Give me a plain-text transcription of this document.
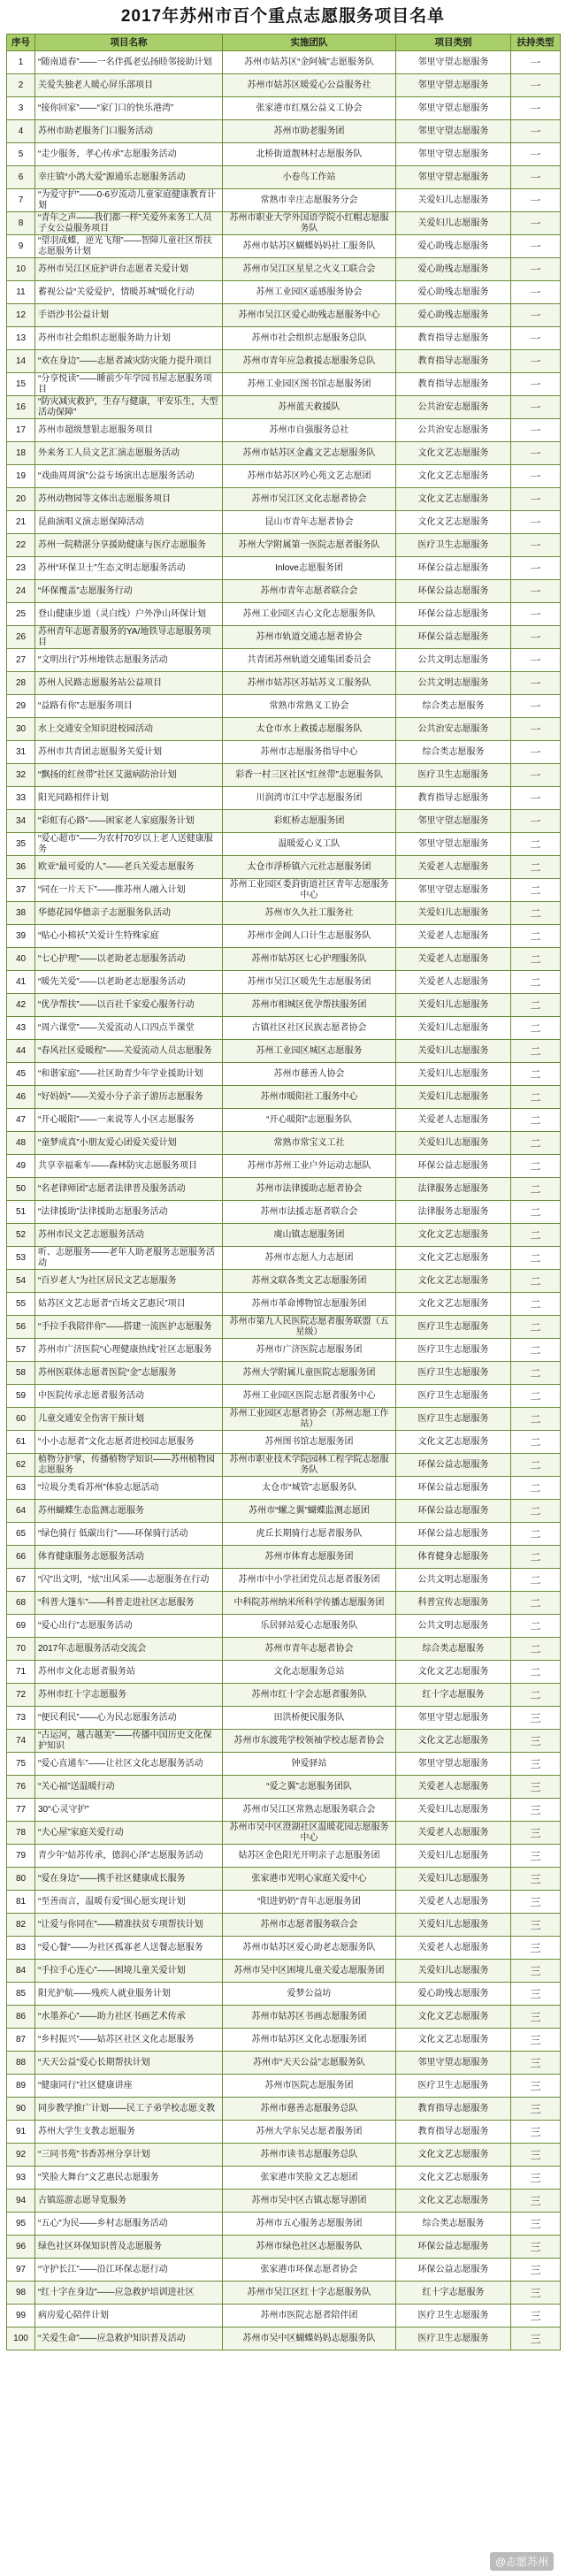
2017年苏州市百个重点志愿服务项目名单
序号	项目名称	实施团队	项目类别	扶持类型
1	“随南道春”——一名伴孤老弘扬睦邻接助计划	苏州市姑苏区“金阿姨”志愿服务队	邻里守望志愿服务	一
2	关爱失独老人暖心屏乐部项目	苏州市姑苏区暖爱心公益服务社	邻里守望志愿服务	一
3	“接你回家”——“家门口的快乐港湾”	张家港市红凰公益义工协会	邻里守望志愿服务	一
4	苏州市助老服务门口服务活动	苏州市助老服务团	邻里守望志愿服务	一
5	“走少服务，孝心传承”志愿服务活动	北桥街道靓林村志愿服务队	邻里守望志愿服务	一
6	幸庄镇“小鸽大爱”源通乐志愿服务活动	小卷鸟工作站	邻里守望志愿服务	一
7	“为爱守护”——0-6岁流动儿童家庭健康教育计划	常熟市幸庄志愿服务分会	关爱妇儿志愿服务	一
8	“青年之声——我们都一样”关爱外来务工人员子女公益服务项目	苏州市职业大学外国语学院小红帽志愿服务队	关爱妇儿志愿服务	一
9	“望羽成蝶，逆光飞翔”——智障儿童社区帮扶志愿服务计划	苏州市姑苏区蝴蝶妈妈社工服务队	爱心助残志愿服务	一
10	苏州市吴江区庇护讲台志愿者关爱计划	苏州市吴江区星星之火义工联合会	爱心助残志愿服务	一
11	蓄视公益“关爱爱护，情暖苏城”暖化行动	苏州工业园区遥感服务协会	爱心助残志愿服务	一
12	手语沙书公益计划	苏州市吴江区爱心助残志愿服务中心	爱心助残志愿服务	一
13	苏州市社会组织志愿服务助力计划	苏州市社会组织志愿服务总队	教育指导志愿服务	一
14	“欢在身边”——志愿者减灾防灾能力提升项目	苏州市青年应急救援志愿服务总队	教育指导志愿服务	一
15	“分享悦读”——睡前少年学园书屋志愿服务项目	苏州工业园区图书馆志愿服务团	教育指导志愿服务	一
16	“防灾减灾救护，生存与健康，平安乐生，大型活动保障”	苏州蓝天救援队	公共治安志愿服务	一
17	苏州市超级慧银志愿服务项目	苏州市自强服务总社	公共治安志愿服务	一
18	外来务工人员文艺汇演志愿服务活动	苏州市姑苏区金鑫文艺志愿服务队	文化文艺志愿服务	一
19	“戏曲周周演”公益专场演出志愿服务活动	苏州市姑苏区吟心苑文艺志愿团	文化文艺志愿服务	一
20	苏州动物园等文体出志愿服务项目	苏州市吴江区文化志愿者协会	文化文艺志愿服务	一
21	昆曲演唱义演志愿保障活动	昆山市青年志愿者协会	文化文艺志愿服务	一
22	苏州一院精湛分享援助健康与医疗志愿服务	苏州大学附属第一医院志愿者服务队	医疗卫生志愿服务	一
23	苏州“环保卫士”生态文明志愿服务活动	Inlove志愿服务团	环保公益志愿服务	一
24	“环保覆盖”志愿服务行动	苏州市青年志愿者联合会	环保公益志愿服务	一
25	登山健康步道（灵白线）户外净山环保计划	苏州工业园区吉心文化志愿服务队	环保公益志愿服务	一
26	苏州青年志愿者服务的YA/地铁导志愿服务项目	苏州市轨道交通志愿者协会	环保公益志愿服务	一
27	“文明出行”苏州地铁志愿服务活动	共青团苏州轨道交通集团委员会	公共文明志愿服务	一
28	苏州人民路志愿服务站公益项目	苏州市姑苏区苏姑苏义工服务队	公共文明志愿服务	一
29	“益路有你”志愿服务项目	常熟市常熟义工协会	综合类志愿服务	一
30	水上交通安全知识进校园活动	太仓市水上救援志愿服务队	公共治安志愿服务	一
31	苏州市共青团志愿服务关爱计划	苏州市志愿服务指导中心	综合类志愿服务	一
32	“飘扬的红丝带”社区艾滋病防治计划	彩香一村三区社区“红丝带”志愿服务队	医疗卫生志愿服务	一
33	阳光同路相伴计划	川润湾市江中学志愿服务团	教育指导志愿服务	一
34	“彩虹有心路”——困家老人家庭服务计划	彩虹桥志愿服务团	邻里守望志愿服务	一
35	“爱心超市”——为农村70岁以上老人送健康服务	温暖爱心义工队	邻里守望志愿服务	二
36	欧亚“最可爱的人”——老兵关爱志愿服务	太仓市浮桥镇六元社志愿服务团	关爱老人志愿服务	二
37	“同在一片天下”——推苏州人融入计划	苏州工业园区娄葑街道社区青年志愿服务中心	邻里守望志愿服务	二
38	华德花园华德亲子志愿服务队活动	苏州市久久社工服务社	关爱妇儿志愿服务	二
39	“贴心小棉袄”关爱计生特殊家庭	苏州市金阊人口计生志愿服务队	关爱老人志愿服务	二
40	“七心护理”——以老助老志愿服务活动	苏州市姑苏区七心护理服务队	关爱老人志愿服务	二
41	“暖先关爱”——以老助老志愿服务活动	苏州市吴江区暖先生志愿服务团	关爱老人志愿服务	二
42	“优孕帮扶”——以百社千家爱心服务行动	苏州市相城区优孕帮扶服务团	关爱妇儿志愿服务	二
43	“周六课堂”——关爱流动人口四点半课堂	古镇社区社区民族志愿者协会	关爱妇儿志愿服务	二
44	“春风社区爱暖程”——关爱流动人员志愿服务	苏州工业园区城区志愿服务	关爱妇儿志愿服务	二
45	“和谐家庭”——社区助青少年学业援助计划	苏州市慈善人协会	关爱妇儿志愿服务	二
46	“好妈妈”——关爱小分子亲子游历志愿服务	苏州市暖阳社工服务中心	关爱妇儿志愿服务	二
47	“开心暖阳”——一来说等人小区志愿服务	“开心暖阳”志愿服务队	关爱老人志愿服务	二
48	“童梦成真”小朋友爱心团爱关爱计划	常熟市常宝义工社	关爱妇儿志愿服务	二
49	共享幸福乘车——森林防灾志愿服务项目	苏州市苏州工业户外运动志愿队	环保公益志愿服务	二
50	“名老律师团”志愿者法律普及服务活动	苏州市法律援助志愿者协会	法律服务志愿服务	二
51	“法律援助”法律援助志愿服务活动	苏州市法援志愿者联合会	法律服务志愿服务	二
52	苏州市民文艺志愿服务活动	虞山镇志愿服务团	文化文艺志愿服务	二
53	听、志愿服务——老年人助老服务志愿服务活动	苏州市志愿人力志愿团	文化文艺志愿服务	二
54	“百岁老人”为社区居民文艺志愿服务	苏州文联各类文艺志愿服务团	文化文艺志愿服务	二
55	姑苏区文艺志愿者“百场文艺惠民”项目	苏州市革命博物馆志愿服务团	文化文艺志愿服务	二
56	“手拉手我陪伴你”——搭建一流医护志愿服务	苏州市第九人民医院志愿者服务联盟（五星级）	医疗卫生志愿服务	二
57	苏州市广济医院“心理健康热线”社区志愿服务	苏州市广济医院志愿服务团	医疗卫生志愿服务	二
58	苏州医联体志愿者医院“金”志愿服务	苏州大学附属儿童医院志愿服务团	医疗卫生志愿服务	二
59	中医院传承志愿者服务活动	苏州工业园区医院志愿者服务中心	医疗卫生志愿服务	二
60	儿童交通安全伤害干预计划	苏州工业园区志愿者协会（苏州志愿工作站）	医疗卫生志愿服务	二
61	“小小志愿者”文化志愿者进校园志愿服务	苏州图书馆志愿服务团	文化文艺志愿服务	二
62	植物分护掌，传播植物学知识——苏州植物园志愿服务	苏州市职业技术学院园林工程学院志愿服务队	环保公益志愿服务	二
63	“垃圾分类看苏州”体验志愿活动	太仓市“城管”志愿服务队	环保公益志愿服务	二
64	苏州蝴蝶生态监测志愿服务	苏州市“螺之翼”蝴蝶监测志愿团	环保公益志愿服务	二
65	“绿色骑行 低碳出行”——环保骑行活动	虎丘长期骑行志愿者服务队	环保公益志愿服务	二
66	体育健康服务志愿服务活动	苏州市体育志愿服务团	体育健身志愿服务	二
67	“闪”出文明，“炫”出风采——志愿服务在行动	苏州市中小学社团党员志愿者服务团	公共文明志愿服务	二
68	“科普大篷车”——科普走进社区志愿服务	中科院苏州纳米所科学传播志愿服务团	科普宣传志愿服务	二
69	“爱心出行”志愿服务活动	乐居驿站爱心志愿服务队	公共文明志愿服务	二
70	2017年志愿服务活动交流会	苏州市青年志愿者协会	综合类志愿服务	二
71	苏州市文化志愿者服务站	文化志愿服务总站	文化文艺志愿服务	二
72	苏州市红十字志愿服务	苏州市红十字会志愿者服务队	红十字志愿服务	二
73	“便民利民”——心为民志愿服务活动	田洪桥便民服务队	邻里守望志愿服务	三
74	“古运河，越古越美”——传播中国历史文化保护知识	苏州市东渡苑学校领袖学校志愿者协会	文化文艺志愿服务	三
75	“爱心直通车”——让社区文化志愿服务活动	钟爱驿站	邻里守望志愿服务	三
76	“关心福”送温暖行动	“爱之翼”志愿服务团队	关爱老人志愿服务	三
77	30“心灵守护”	苏州市吴江区常熟志愿服务联合会	关爱妇儿志愿服务	三
78	“夫心屋”家庭关爱行动	苏州市吴中区澄湖社区温暖花园志愿服务中心	关爱老人志愿服务	三
79	青少年“姑苏传承，德润心泽”志愿服务活动	姑苏区金色阳光开明亲子志愿服务团	关爱妇儿志愿服务	三
80	“爱在身边”——携手社区健康成长服务	张家港市光明心家庭关爱中心	关爱妇儿志愿服务	三
81	“至善而言，温暖有爱”围心愿实现计划	“阳进奶奶”青年志愿服务团	关爱老人志愿服务	三
82	“让爱与你同在”——精准扶贫专项帮扶计划	苏州市志愿者服务联合会	关爱妇儿志愿服务	三
83	“爱心餐”——为社区孤寡老人送餐志愿服务	苏州市姑苏区爱心助老志愿服务队	关爱老人志愿服务	三
84	“手拉手心连心”——困境儿童关爱计划	苏州市吴中区困境儿童关爱志愿服务团	关爱妇儿志愿服务	三
85	阳光护航——残疾人就业服务计划	爱梦公益坊	爱心助残志愿服务	三
86	“水墨养心”——助力社区书画艺术传承	苏州市姑苏区书画志愿服务团	文化文艺志愿服务	三
87	“乡村振兴”——姑苏区社区文化志愿服务	苏州市姑苏区文化志愿服务团	文化文艺志愿服务	三
88	“天天公益”爱心长期帮扶计划	苏州市“天天公益”志愿服务队	邻里守望志愿服务	三
89	“健康同行”社区健康讲座	苏州市医院志愿服务团	医疗卫生志愿服务	三
90	同步教学推广计划——民工子弟学校志愿支教	苏州市慈善志愿服务总队	教育指导志愿服务	三
91	苏州大学生支教志愿服务	苏州大学东吴志愿者服务团	教育指导志愿服务	三
92	“三同书苑”书香苏州分享计划	苏州市读书志愿服务总队	文化文艺志愿服务	三
93	“笑脸大舞台”文艺惠民志愿服务	张家港市笑脸文艺志愿团	文化文艺志愿服务	三
94	古镇巡游志愿导览服务	苏州市吴中区古镇志愿导游团	文化文艺志愿服务	三
95	“五心”为民——乡村志愿服务活动	苏州市五心服务志愿服务团	综合类志愿服务	三
96	绿色社区环保知识普及志愿服务	苏州市绿色社区志愿服务队	环保公益志愿服务	三
97	“守护长江”——沿江环保志愿行动	张家港市环保志愿者协会	环保公益志愿服务	三
98	“红十字在身边”——应急救护培训进社区	苏州市吴江区红十字志愿服务队	红十字志愿服务	三
99	病房爱心陪伴计划	苏州市医院志愿者陪伴团	医疗卫生志愿服务	三
100	“关爱生命”——应急救护知识普及活动	苏州市吴中区蝴蝶妈妈志愿服务队	医疗卫生志愿服务	三
@志愿苏州
